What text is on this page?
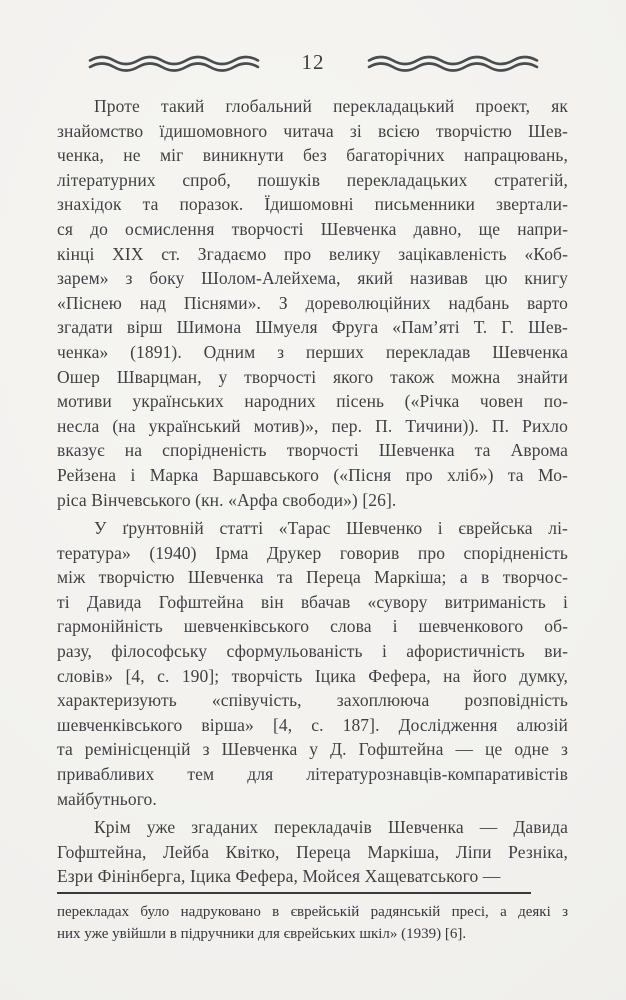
12
Проте такий глобальний перекладацький проект, як
знайомство їдишомовного читача зі всією творчістю Шев-
ченка, не міг виникнути без багаторічних напрацювань,
літературних спроб, пошуків перекладацьких стратегій,
знахідок та поразок. Їдишомовні письменники звертали-
ся до осмислення творчості Шевченка давно, ще напри-
кінці XIX ст. Згадаємо про велику зацікавленість «Коб-
зарем» з боку Шолом-Алейхема, який називав цю книгу
«Піснею над Піснями». З дореволюційних надбань варто
згадати вірш Шимона Шмуеля Фруга «Пам’яті Т. Г. Шев-
ченка» (1891). Одним з перших перекладав Шевченка
Ошер Шварцман, у творчості якого також можна знайти
мотиви українських народних пісень («Річка човен по-
несла (на український мотив)», пер. П. Тичини)). П. Рихло
вказує на спорідненість творчості Шевченка та Аврома
Рейзена і Марка Варшавського («Пісня про хліб») та Мо-
ріса Вінчевського (кн. «Арфа свободи») [26].
У ґрунтовній статті «Тарас Шевченко і єврейська лі-
тература» (1940) Ірма Друкер говорив про спорідненість
між творчістю Шевченка та Переца Маркіша; а в творчос-
ті Давида Гофштейна він вбачав «сувору витриманість і
гармонійність шевченківського слова і шевченкового об-
разу, філософську сформульованість і афористичність ви-
словів» [4, с. 190]; творчість Іцика Фефера, на його думку,
характеризують «співучість, захоплююча розповідність
шевченківського вірша» [4, с. 187]. Дослідження алюзій
та ремінісценцій з Шевченка у Д. Гофштейна — це одне з
привабливих тем для літературознавців-компаративістів
майбутнього.
Крім уже згаданих перекладачів Шевченка — Давида
Гофштейна, Лейба Квітко, Переца Маркіша, Ліпи Резніка,
Езри Фінінберга, Іцика Фефера, Мойсея Хащеватського —
перекладах було надруковано в єврейській радянській пресі, а деякі з
них уже увійшли в підручники для єврейських шкіл» (1939) [6].
